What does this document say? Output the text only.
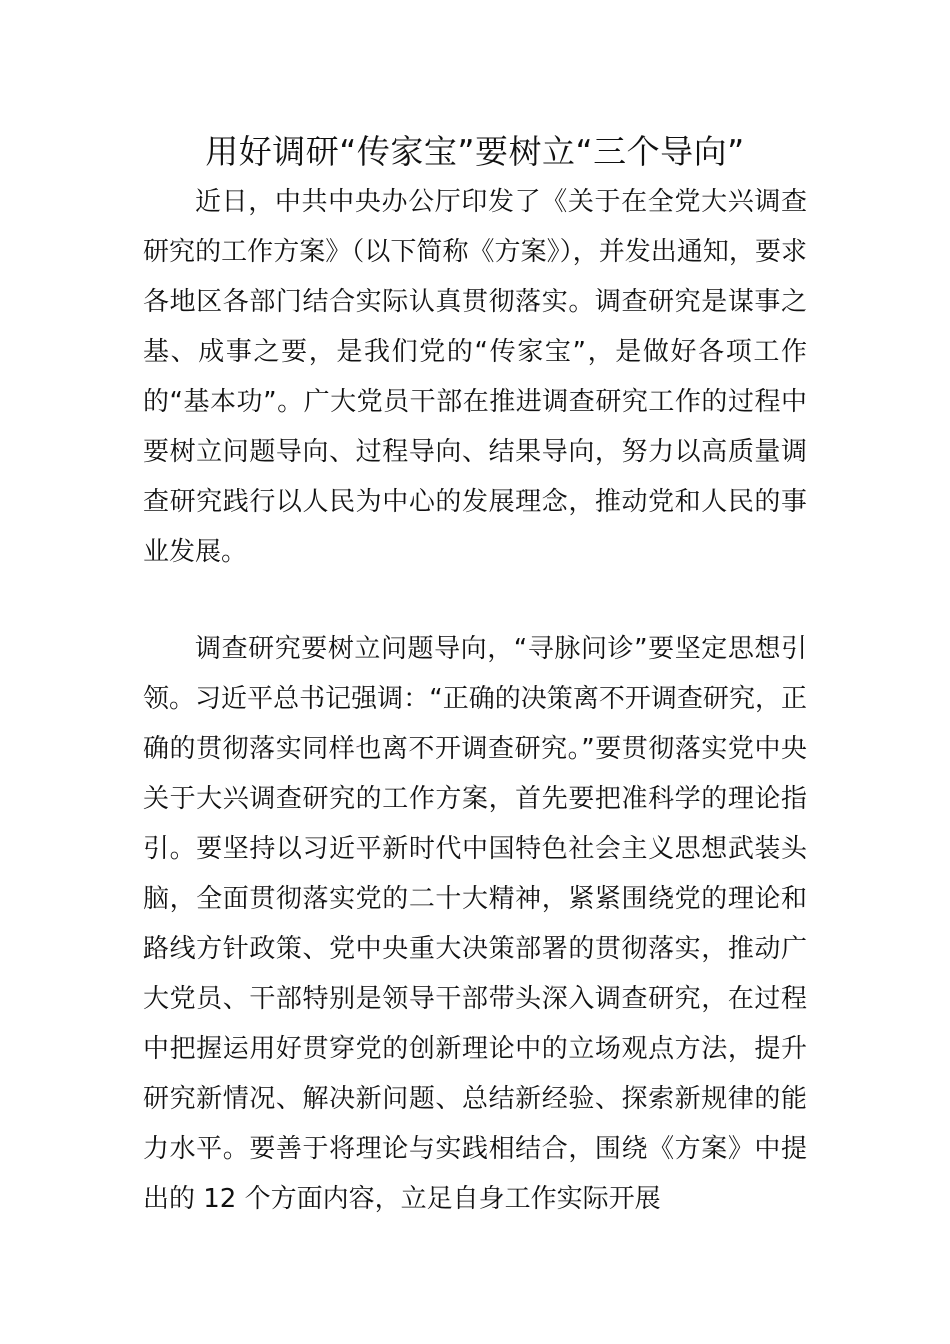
用好调研“传家宝”要树立“三个导向”

近日，中共中央办公厅印发了《关于在全党大兴调查研究的工作方案》（以下简称《方案》），并发出通知，要求各地区各部门结合实际认真贯彻落实。调查研究是谋事之基、成事之要，是我们党的“传家宝”，是做好各项工作的“基本功”。广大党员干部在推进调查研究工作的过程中要树立问题导向、过程导向、结果导向，努力以高质量调查研究践行以人民为中心的发展理念，推动党和人民的事业发展。

调查研究要树立问题导向，“寻脉问诊”要坚定思想引领。习近平总书记强调：“正确的决策离不开调查研究，正确的贯彻落实同样也离不开调查研究。”要贯彻落实党中央关于大兴调查研究的工作方案，首先要把准科学的理论指引。要坚持以习近平新时代中国特色社会主义思想武装头脑，全面贯彻落实党的二十大精神，紧紧围绕党的理论和路线方针政策、党中央重大决策部署的贯彻落实，推动广大党员、干部特别是领导干部带头深入调查研究，在过程中把握运用好贯穿党的创新理论中的立场观点方法，提升研究新情况、解决新问题、总结新经验、探索新规律的能力水平。要善于将理论与实践相结合，围绕《方案》中提出的 12 个方面内容，立足自身工作实际开展
